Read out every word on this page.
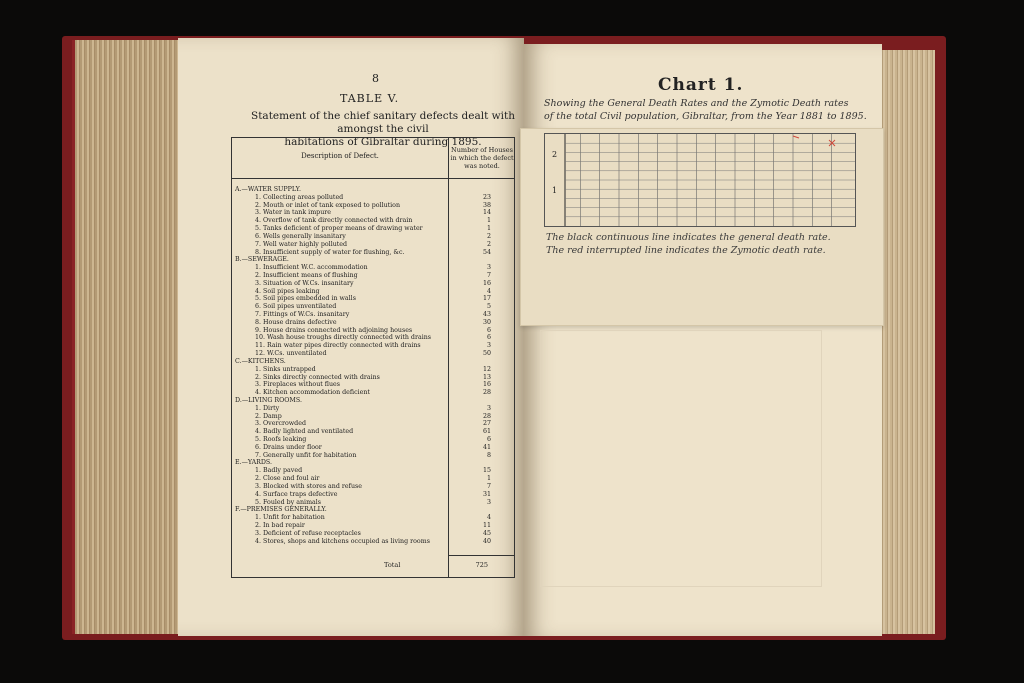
8
TABLE V.
Statement of the chief sanitary defects dealt with amongst the civil
habitations of Gibraltar during 1895.
Description of Defect.
Number of Houses in which the defect was noted.
A.—WATER SUPPLY.
1. Collecting areas polluted	23
2. Mouth or inlet of tank exposed to pollution	38
3. Water in tank impure	14
4. Overflow of tank directly connected with drain	1
5. Tanks deficient of proper means of drawing water	1
6. Wells generally insanitary	2
7. Well water highly polluted	2
8. Insufficient supply of water for flushing, &c.	54
B.—SEWERAGE.
1. Insufficient W.C. accommodation	3
2. Insufficient means of flushing	7
3. Situation of W.Cs. insanitary	16
4. Soil pipes leaking	4
5. Soil pipes embedded in walls	17
6. Soil pipes unventilated	5
7. Fittings of W.Cs. insanitary	43
8. House drains defective	30
9. House drains connected with adjoining houses	6
10. Wash house troughs directly connected with drains	6
11. Rain water pipes directly connected with drains	3
12. W.Cs. unventilated	50
C.—KITCHENS.
1. Sinks untrapped	12
2. Sinks directly connected with drains	13
3. Fireplaces without flues	16
4. Kitchen accommodation deficient	28
D.—LIVING ROOMS.
1. Dirty	3
2. Damp	28
3. Overcrowded	27
4. Badly lighted and ventilated	61
5. Roofs leaking	6
6. Drains under floor	41
7. Generally unfit for habitation	8
E.—YARDS.
1. Badly paved	15
2. Close and foul air	1
3. Blocked with stores and refuse	7
4. Surface traps defective	31
5. Fouled by animals	3
F.—PREMISES GENERALLY.
1. Unfit for habitation	4
2. In bad repair	11
3. Deficient of refuse receptacles	45
4. Stores, shops and kitchens occupied as living rooms	40
Total	725
Chart 1.
Showing the General Death Rates and the Zymotic Death rates
of the total Civil population, Gibraltar, from the Year 1881 to 1895.
2
1
The black continuous line indicates the general death rate.
The red interrupted line indicates the Zymotic death rate.
